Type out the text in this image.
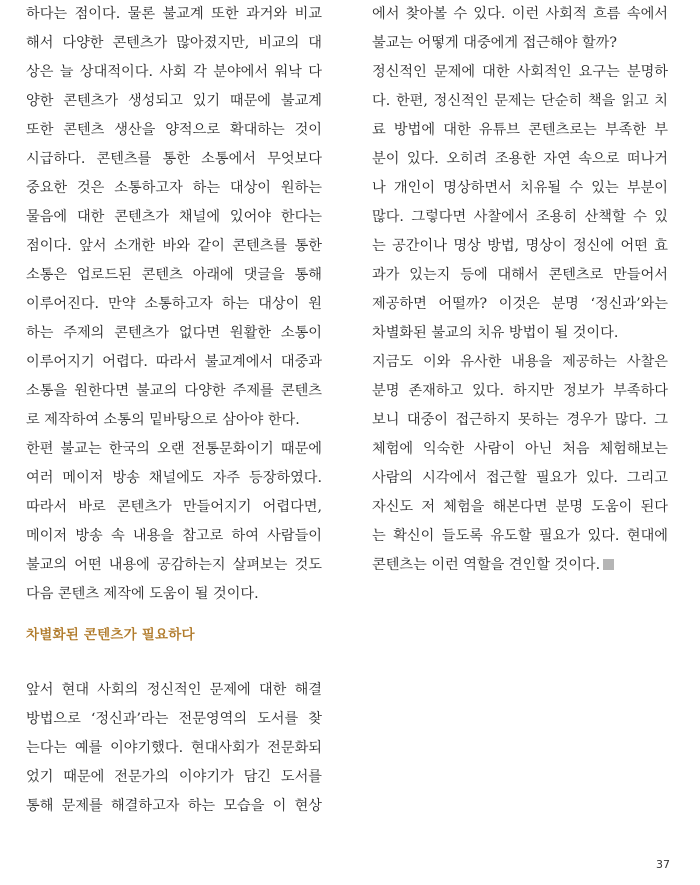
하다는 점이다. 물론 불교계 또한 과거와 비교
해서 다양한 콘텐츠가 많아졌지만, 비교의 대
상은 늘 상대적이다. 사회 각 분야에서 워낙 다
양한 콘텐츠가 생성되고 있기 때문에 불교계
또한 콘텐츠 생산을 양적으로 확대하는 것이
시급하다. 콘텐츠를 통한 소통에서 무엇보다
중요한 것은 소통하고자 하는 대상이 원하는
물음에 대한 콘텐츠가 채널에 있어야 한다는
점이다. 앞서 소개한 바와 같이 콘텐츠를 통한
소통은 업로드된 콘텐츠 아래에 댓글을 통해
이루어진다. 만약 소통하고자 하는 대상이 원
하는 주제의 콘텐츠가 없다면 원활한 소통이
이루어지기 어렵다. 따라서 불교계에서 대중과
소통을 원한다면 불교의 다양한 주제를 콘텐츠
로 제작하여 소통의 밑바탕으로 삼아야 한다.
한편 불교는 한국의 오랜 전통문화이기 때문에
여러 메이저 방송 채널에도 자주 등장하였다.
따라서 바로 콘텐츠가 만들어지기 어렵다면,
메이저 방송 속 내용을 참고로 하여 사람들이
불교의 어떤 내용에 공감하는지 살펴보는 것도
다음 콘텐츠 제작에 도움이 될 것이다.
차별화된 콘텐츠가 필요하다
앞서 현대 사회의 정신적인 문제에 대한 해결
방법으로 ‘정신과’라는 전문영역의 도서를 찾
는다는 예를 이야기했다. 현대사회가 전문화되
었기 때문에 전문가의 이야기가 담긴 도서를
통해 문제를 해결하고자 하는 모습을 이 현상
에서 찾아볼 수 있다. 이런 사회적 흐름 속에서
불교는 어떻게 대중에게 접근해야 할까?
정신적인 문제에 대한 사회적인 요구는 분명하
다. 한편, 정신적인 문제는 단순히 책을 읽고 치
료 방법에 대한 유튜브 콘텐츠로는 부족한 부
분이 있다. 오히려 조용한 자연 속으로 떠나거
나 개인이 명상하면서 치유될 수 있는 부분이
많다. 그렇다면 사찰에서 조용히 산책할 수 있
는 공간이나 명상 방법, 명상이 정신에 어떤 효
과가 있는지 등에 대해서 콘텐츠로 만들어서
제공하면 어떨까? 이것은 분명 ‘정신과’와는
차별화된 불교의 치유 방법이 될 것이다.
지금도 이와 유사한 내용을 제공하는 사찰은
분명 존재하고 있다. 하지만 정보가 부족하다
보니 대중이 접근하지 못하는 경우가 많다. 그
체험에 익숙한 사람이 아닌 처음 체험해보는
사람의 시각에서 접근할 필요가 있다. 그리고
자신도 저 체험을 해본다면 분명 도움이 된다
는 확신이 들도록 유도할 필요가 있다. 현대에
콘텐츠는 이런 역할을 견인할 것이다.
37
